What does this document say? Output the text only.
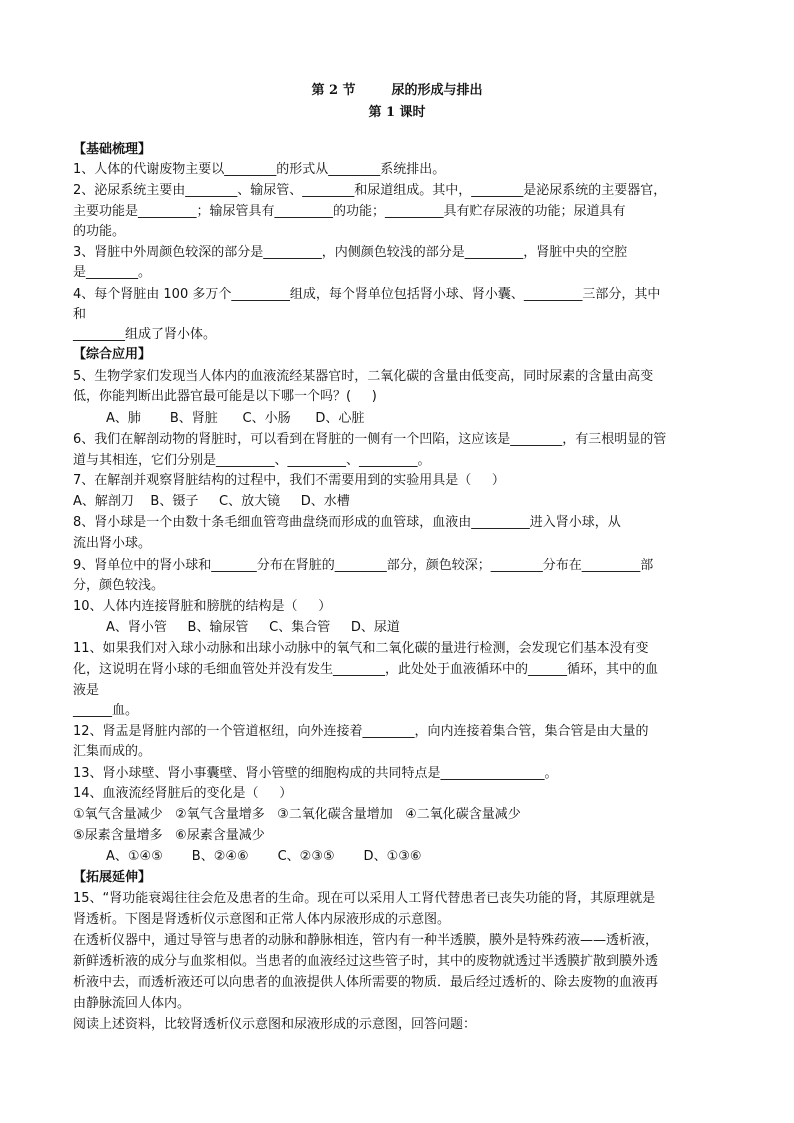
第 2 节	尿的形成与排出
第 1 课时
【基础梳理】
1、人体的代谢废物主要以________的形式从________系统排出。
2、泌尿系统主要由________、输尿管、________和尿道组成。其中，________是泌尿系统的主要器官，
主要功能是_________；输尿管具有_________的功能；_________具有贮存尿液的功能；尿道具有
的功能。
3、肾脏中外周颜色较深的部分是_________，内侧颜色较浅的部分是_________，肾脏中央的空腔
是________。
4、每个肾脏由 100 多万个_________组成，每个肾单位包括肾小球、肾小囊、_________三部分，其中
和
________组成了肾小体。
【综合应用】
5、生物学家们发现当人体内的血液流经某器官时，二氧化碳的含量由低变高，同时尿素的含量由高变
低，你能判断出此器官最可能是以下哪一个吗？(     )
A、肺       B、肾脏      C、小肠      D、心脏
6、我们在解剖动物的肾脏时，可以看到在肾脏的一侧有一个凹陷，这应该是________，有三根明显的管
道与其相连，它们分别是_________、_________、_________。
7、在解剖并观察肾脏结构的过程中，我们不需要用到的实验用具是（     ）
A、解剖刀    B、镊子     C、放大镜     D、水槽
8、肾小球是一个由数十条毛细血管弯曲盘绕而形成的血管球，血液由_________进入肾小球，从
流出肾小球。
9、肾单位中的肾小球和_______分布在肾脏的________部分，颜色较深；________分布在_________部
分，颜色较浅。
10、人体内连接肾脏和膀胱的结构是（     ）
A、肾小管     B、输尿管     C、集合管     D、尿道
11、如果我们对入球小动脉和出球小动脉中的氧气和二氧化碳的量进行检测，会发现它们基本没有变
化，这说明在肾小球的毛细血管处并没有发生________，此处处于血液循环中的______循环，其中的血
液是
______血。
12、肾盂是肾脏内部的一个管道枢纽，向外连接着________，向内连接着集合管，集合管是由大量的
汇集而成的。
13、肾小球壁、肾小事囊壁、肾小管壁的细胞构成的共同特点是________________。
14、血液流经肾脏后的变化是（     ）
①氧气含量减少   ②氧气含量增多   ③二氧化碳含量增加   ④二氧化碳含量减少
⑤尿素含量增多   ⑥尿素含量减少
A、①④⑤       B、②④⑥       C、②③⑤       D、①③⑥
【拓展延伸】
15、“肾功能衰竭往往会危及患者的生命。现在可以采用人工肾代替患者已丧失功能的肾，其原理就是
肾透析。下图是肾透析仪示意图和正常人体内尿液形成的示意图。
在透析仪器中，通过导管与患者的动脉和静脉相连，管内有一种半透膜，膜外是特殊药液——透析液，
新鲜透析液的成分与血浆相似。当患者的血液经过这些管子时，其中的废物就透过半透膜扩散到膜外透
析液中去，而透析液还可以向患者的血液提供人体所需要的物质．最后经过透析的、除去废物的血液再
由静脉流回人体内。
阅读上述资料，比较肾透析仪示意图和尿液形成的示意图，回答问题：
